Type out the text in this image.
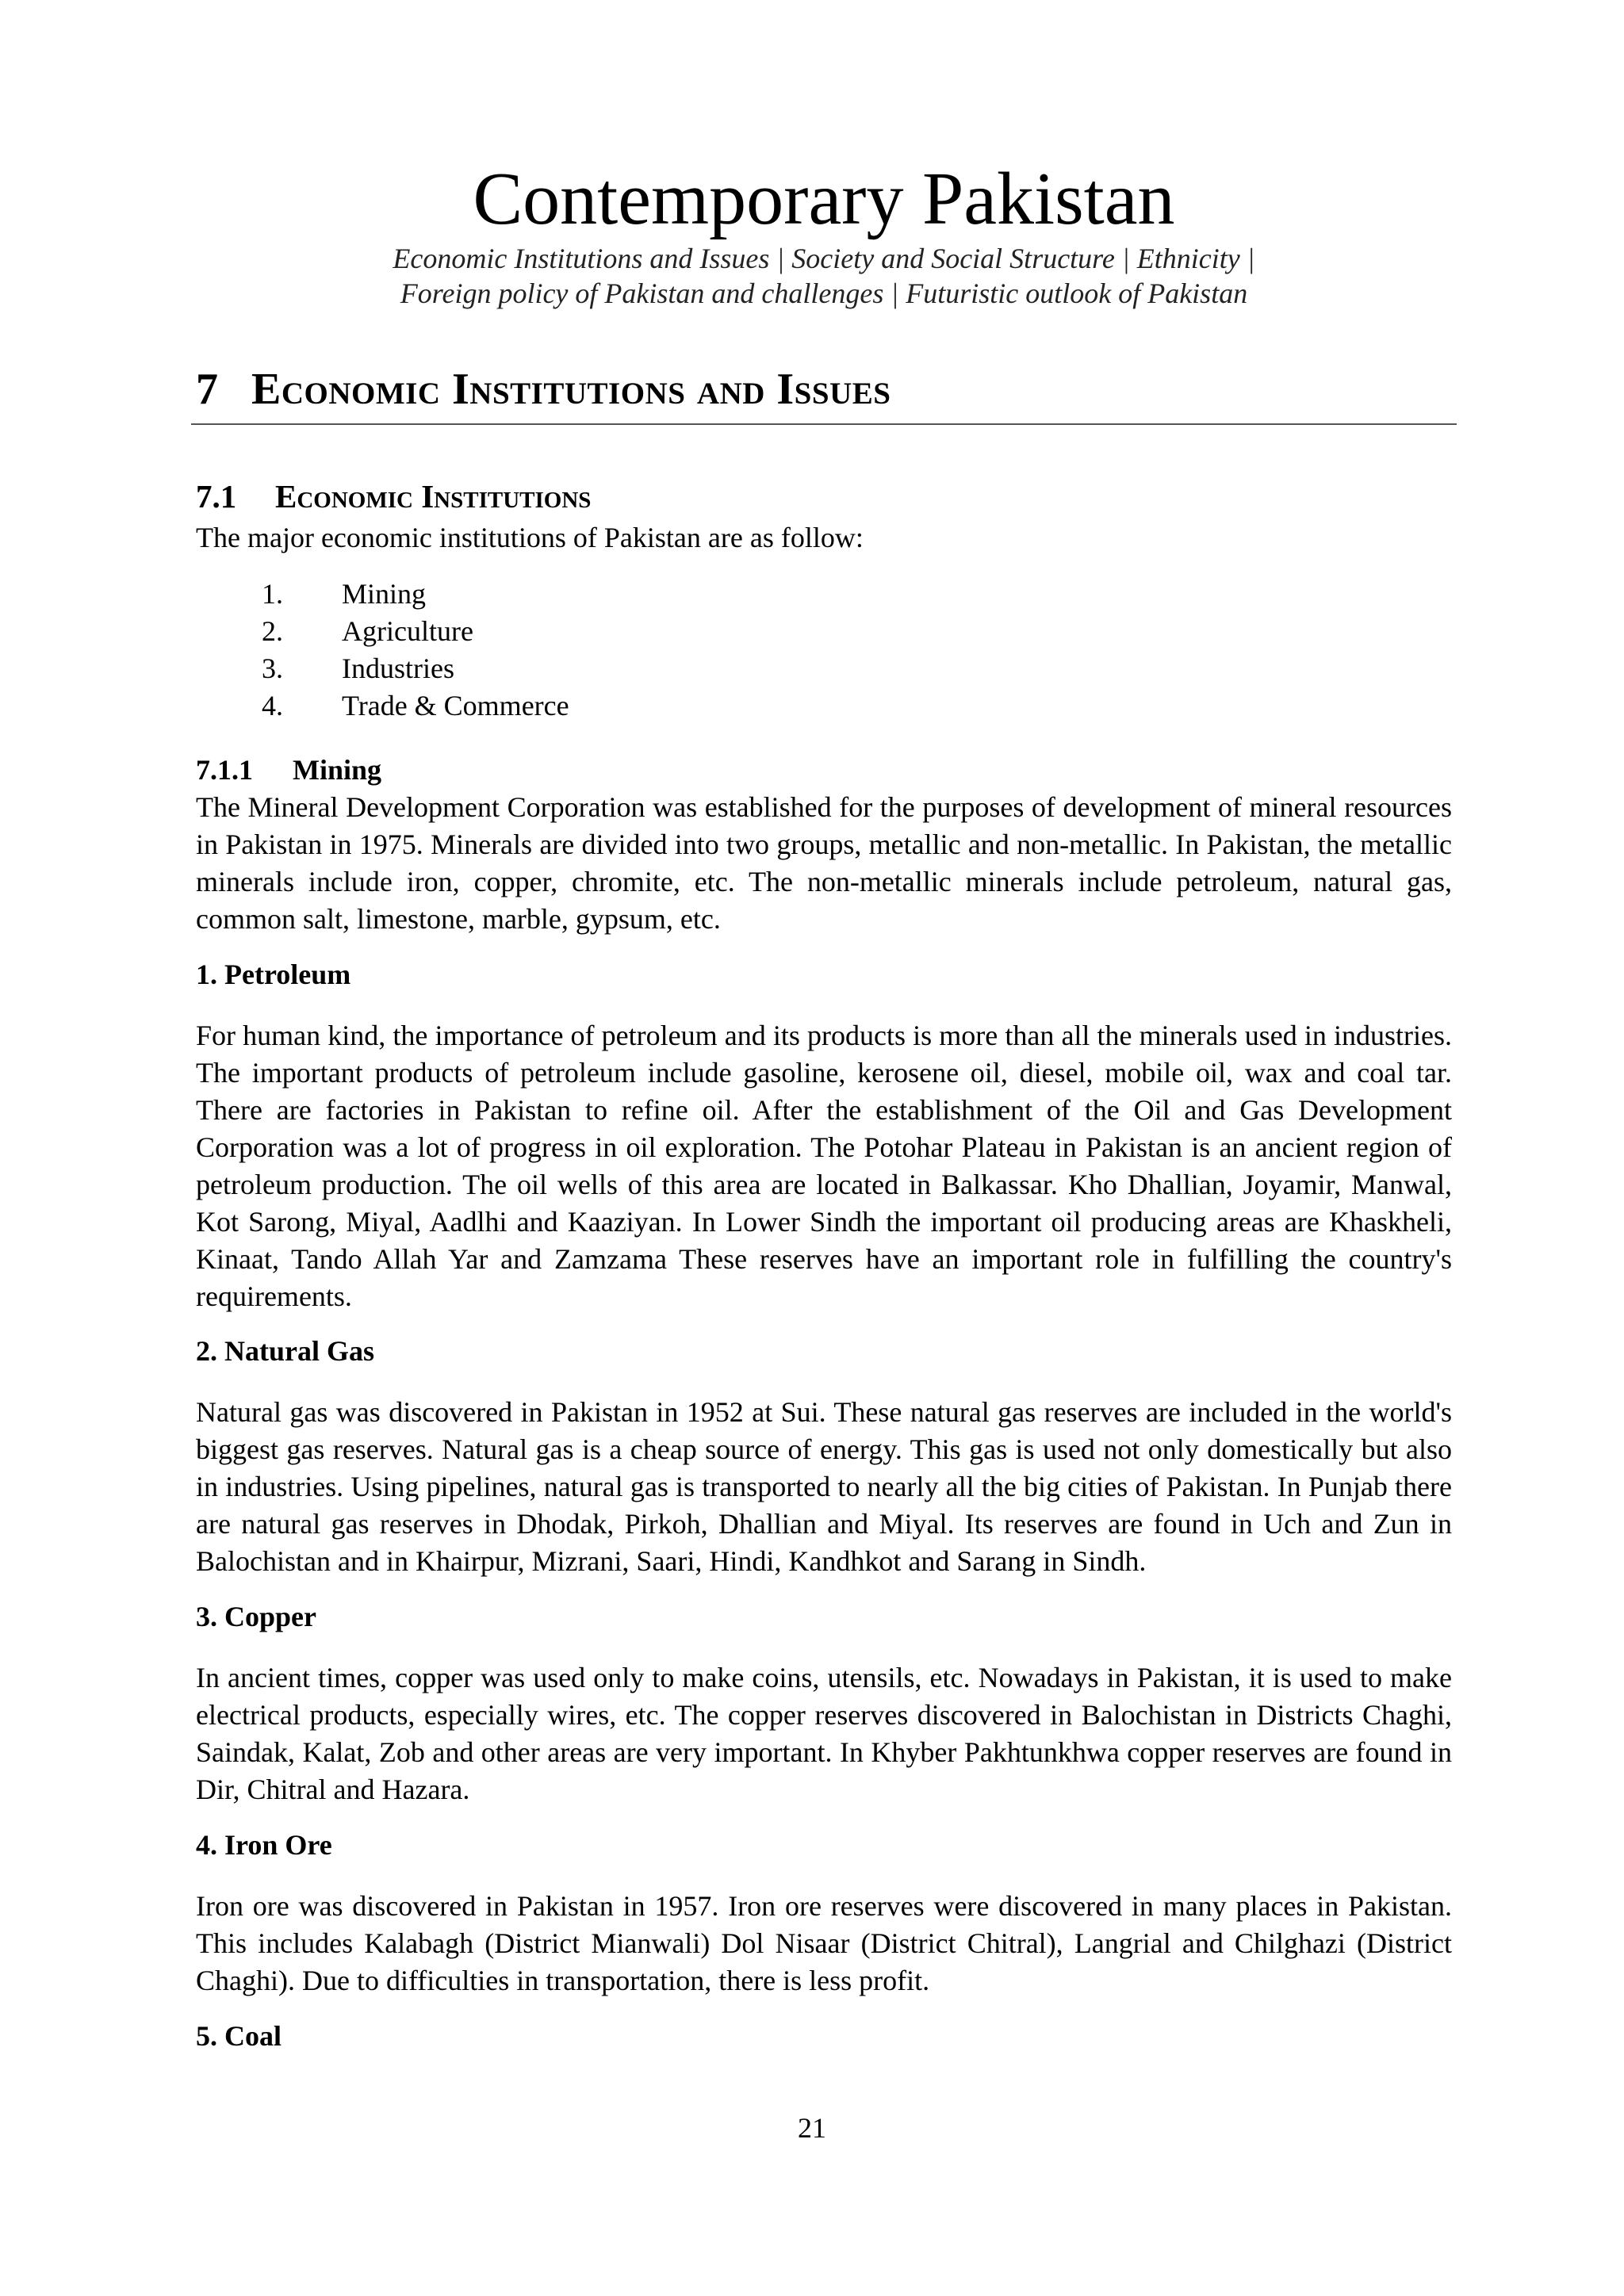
Contemporary Pakistan
Economic Institutions and Issues | Society and Social Structure | Ethnicity |
Foreign policy of Pakistan and challenges | Futuristic outlook of Pakistan
7 Economic Institutions and Issues
7.1 Economic Institutions
The major economic institutions of Pakistan are as follow:
1. Mining
2. Agriculture
3. Industries
4. Trade & Commerce
7.1.1 Mining
The Mineral Development Corporation was established for the purposes of development of mineral resources in Pakistan in 1975. Minerals are divided into two groups, metallic and non-metallic. In Pakistan, the metallic minerals include iron, copper, chromite, etc. The non-metallic minerals include petroleum, natural gas, common salt, limestone, marble, gypsum, etc.
1. Petroleum
For human kind, the importance of petroleum and its products is more than all the minerals used in industries. The important products of petroleum include gasoline, kerosene oil, diesel, mobile oil, wax and coal tar. There are factories in Pakistan to refine oil. After the establishment of the Oil and Gas Development Corporation was a lot of progress in oil exploration. The Potohar Plateau in Pakistan is an ancient region of petroleum production. The oil wells of this area are located in Balkassar. Kho Dhallian, Joyamir, Manwal, Kot Sarong, Miyal, Aadlhi and Kaaziyan. In Lower Sindh the important oil producing areas are Khaskheli, Kinaat, Tando Allah Yar and Zamzama These reserves have an important role in fulfilling the country's requirements.
2. Natural Gas
Natural gas was discovered in Pakistan in 1952 at Sui. These natural gas reserves are included in the world's biggest gas reserves. Natural gas is a cheap source of energy. This gas is used not only domestically but also in industries. Using pipelines, natural gas is transported to nearly all the big cities of Pakistan. In Punjab there are natural gas reserves in Dhodak, Pirkoh, Dhallian and Miyal. Its reserves are found in Uch and Zun in Balochistan and in Khairpur, Mizrani, Saari, Hindi, Kandhkot and Sarang in Sindh.
3. Copper
In ancient times, copper was used only to make coins, utensils, etc. Nowadays in Pakistan, it is used to make electrical products, especially wires, etc. The copper reserves discovered in Balochistan in Districts Chaghi, Saindak, Kalat, Zob and other areas are very important. In Khyber Pakhtunkhwa copper reserves are found in Dir, Chitral and Hazara.
4. Iron Ore
Iron ore was discovered in Pakistan in 1957. Iron ore reserves were discovered in many places in Pakistan. This includes Kalabagh (District Mianwali) Dol Nisaar (District Chitral), Langrial and Chilghazi (District Chaghi). Due to difficulties in transportation, there is less profit.
5. Coal
21
